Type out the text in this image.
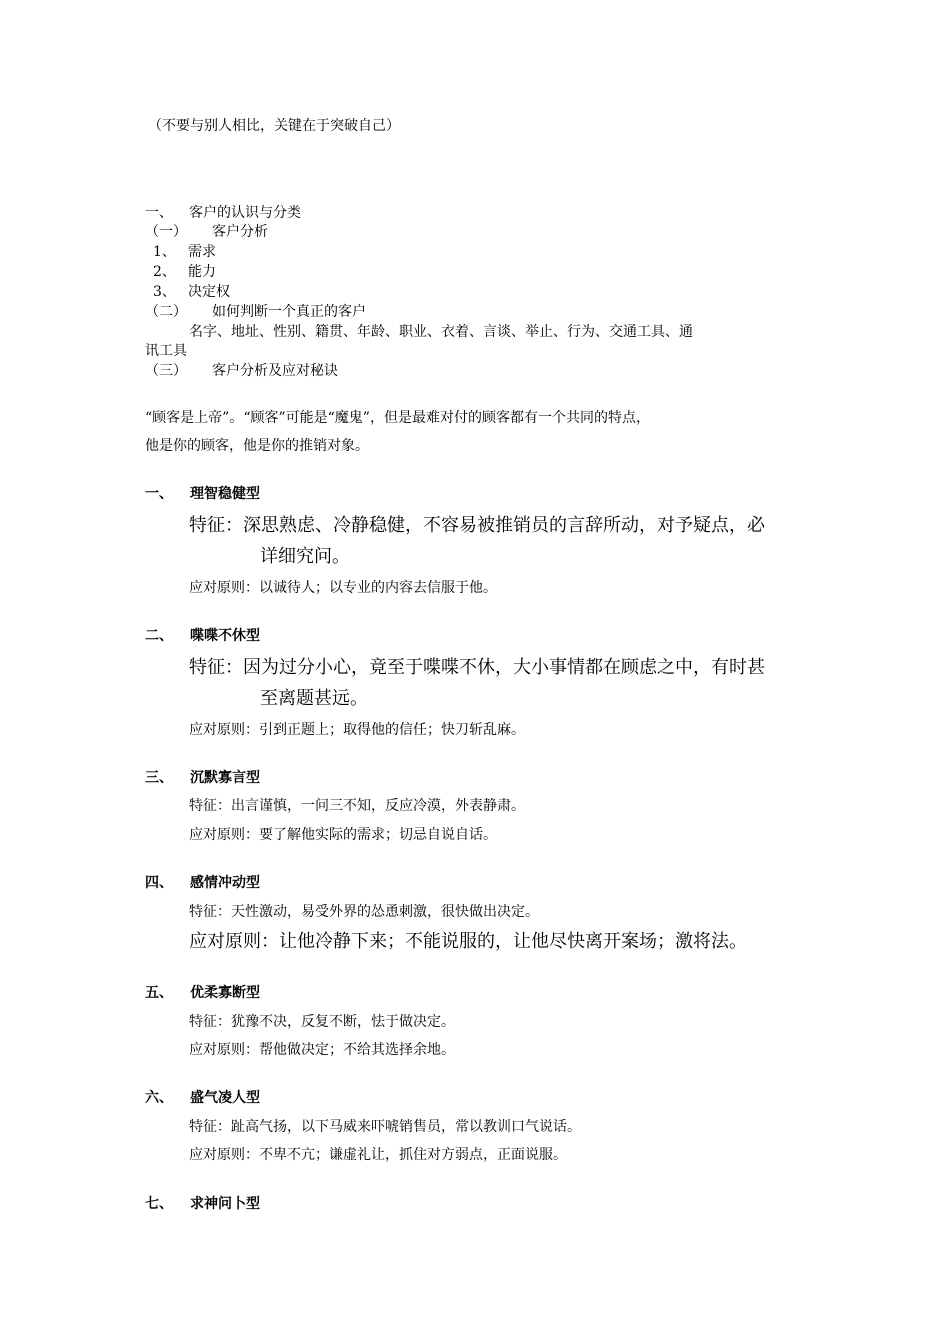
（不要与别人相比，关键在于突破自己）
一、 客户的认识与分类
（一） 客户分析
1、 需求
2、 能力
3、 决定权
（二） 如何判断一个真正的客户
名字、地址、性别、籍贯、年龄、职业、衣着、言谈、举止、行为、交通工具、通
讯工具
（三） 客户分析及应对秘诀
“顾客是上帝”。“顾客”可能是“魔鬼”，但是最难对付的顾客都有一个共同的特点，
他是你的顾客，他是你的推销对象。
一、 理智稳健型
特征：深思熟虑、冷静稳健，不容易被推销员的言辞所动，对予疑点，必
详细究问。
应对原则：以诚待人；以专业的内容去信服于他。
二、 喋喋不休型
特征：因为过分小心，竟至于喋喋不休，大小事情都在顾虑之中，有时甚
至离题甚远。
应对原则：引到正题上；取得他的信任；快刀斩乱麻。
三、 沉默寡言型
特征：出言谨慎，一问三不知，反应冷漠，外表静肃。
应对原则：要了解他实际的需求；切忌自说自话。
四、 感情冲动型
特征：天性激动，易受外界的怂恿刺激，很快做出决定。
应对原则：让他冷静下来；不能说服的，让他尽快离开案场；激将法。
五、 优柔寡断型
特征：犹豫不决，反复不断，怯于做决定。
应对原则：帮他做决定；不给其选择余地。
六、 盛气凌人型
特征：趾高气扬，以下马威来吓唬销售员，常以教训口气说话。
应对原则：不卑不亢；谦虚礼让，抓住对方弱点，正面说服。
七、 求神问卜型
